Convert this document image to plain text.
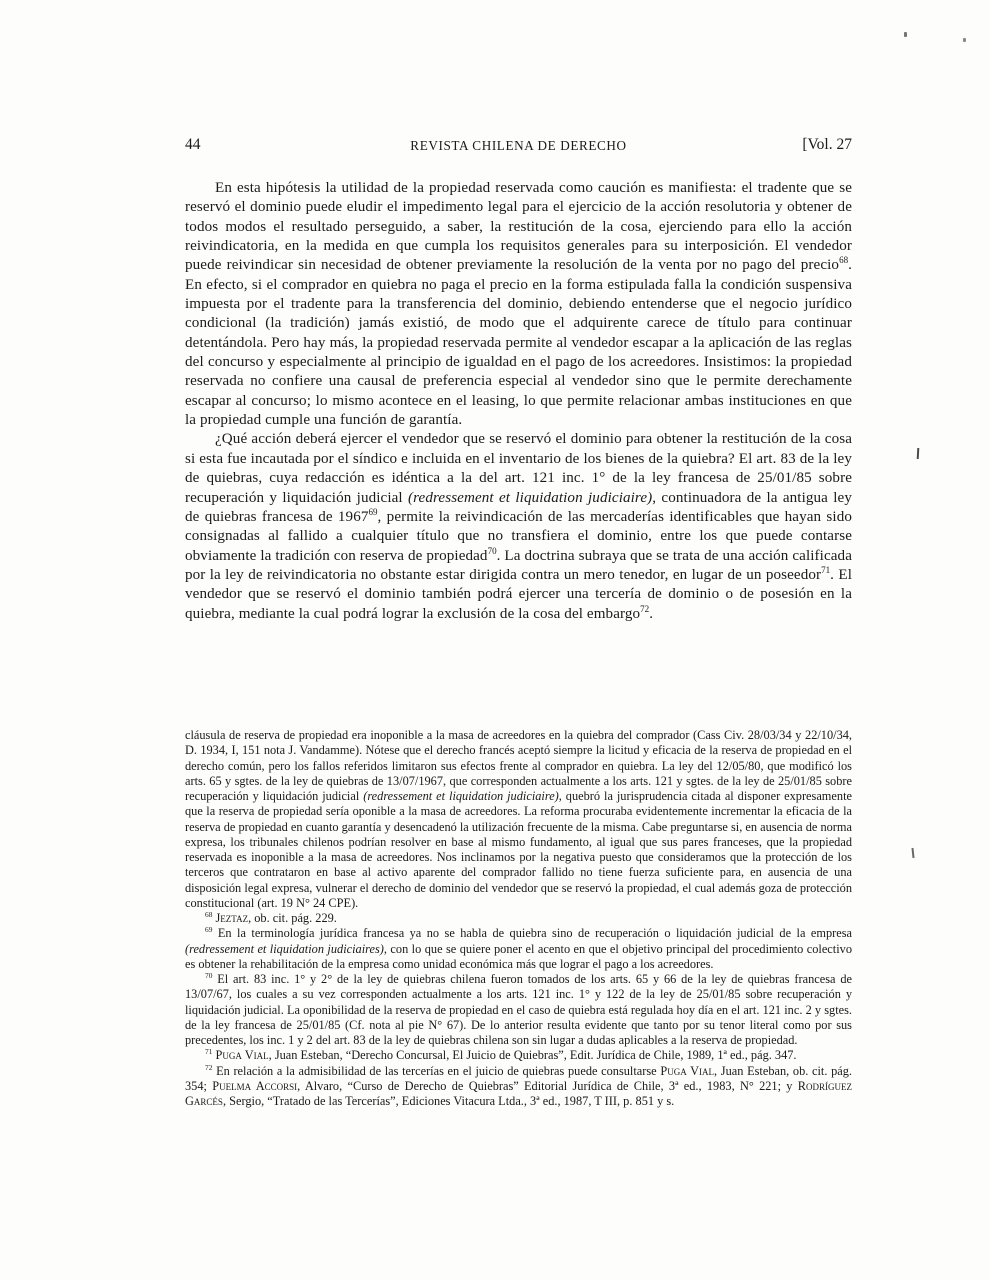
44	REVISTA CHILENA DE DERECHO	[Vol. 27

En esta hipótesis la utilidad de la propiedad reservada como caución es manifiesta: el tradente que se reservó el dominio puede eludir el impedimento legal para el ejercicio de la acción resolutoria y obtener de todos modos el resultado perseguido, a saber, la restitución de la cosa, ejerciendo para ello la acción reivindicatoria, en la medida en que cumpla los requisitos generales para su interposición. El vendedor puede reivindicar sin necesidad de obtener previamente la resolución de la venta por no pago del precio$^{68}$. En efecto, si el comprador en quiebra no paga el precio en la forma estipulada falla la condición suspensiva impuesta por el tradente para la transferencia del dominio, debiendo entenderse que el negocio jurídico condicional (la tradición) jamás existió, de modo que el adquirente carece de título para continuar detentándola. Pero hay más, la propiedad reservada permite al vendedor escapar a la aplicación de las reglas del concurso y especialmente al principio de igualdad en el pago de los acreedores. Insistimos: la propiedad reservada no confiere una causal de preferencia especial al vendedor sino que le permite derechamente escapar al concurso; lo mismo acontece en el leasing, lo que permite relacionar ambas instituciones en que la propiedad cumple una función de garantía.

¿Qué acción deberá ejercer el vendedor que se reservó el dominio para obtener la restitución de la cosa si esta fue incautada por el síndico e incluida en el inventario de los bienes de la quiebra? El art. 83 de la ley de quiebras, cuya redacción es idéntica a la del art. 121 inc. 1° de la ley francesa de 25/01/85 sobre recuperación y liquidación judicial (redressement et liquidation judiciaire), continuadora de la antigua ley de quiebras francesa de 1967$^{69}$, permite la reivindicación de las mercaderías identificables que hayan sido consignadas al fallido a cualquier título que no transfiera el dominio, entre los que puede contarse obviamente la tradición con reserva de propiedad$^{70}$. La doctrina subraya que se trata de una acción calificada por la ley de reivindicatoria no obstante estar dirigida contra un mero tenedor, en lugar de un poseedor$^{71}$. El vendedor que se reservó el dominio también podrá ejercer una tercería de dominio o de posesión en la quiebra, mediante la cual podrá lograr la exclusión de la cosa del embargo$^{72}$.

cláusula de reserva de propiedad era inoponible a la masa de acreedores en la quiebra del comprador (Cass Civ. 28/03/34 y 22/10/34, D. 1934, I, 151 nota J. Vandamme). Nótese que el derecho francés aceptó siempre la licitud y eficacia de la reserva de propiedad en el derecho común, pero los fallos referidos limitaron sus efectos frente al comprador en quiebra. La ley del 12/05/80, que modificó los arts. 65 y sgtes. de la ley de quiebras de 13/07/1967, que corresponden actualmente a los arts. 121 y sgtes. de la ley de 25/01/85 sobre recuperación y liquidación judicial (redressement et liquidation judiciaire), quebró la jurisprudencia citada al disponer expresamente que la reserva de propiedad sería oponible a la masa de acreedores. La reforma procuraba evidentemente incrementar la eficacia de la reserva de propiedad en cuanto garantía y desencadenó la utilización frecuente de la misma. Cabe preguntarse si, en ausencia de norma expresa, los tribunales chilenos podrían resolver en base al mismo fundamento, al igual que sus pares franceses, que la propiedad reservada es inoponible a la masa de acreedores. Nos inclinamos por la negativa puesto que consideramos que la protección de los terceros que contrataron en base al activo aparente del comprador fallido no tiene fuerza suficiente para, en ausencia de una disposición legal expresa, vulnerar el derecho de dominio del vendedor que se reservó la propiedad, el cual además goza de protección constitucional (art. 19 N° 24 CPE).

$^{68}$ Jeztaz, ob. cit. pág. 229.

$^{69}$ En la terminología jurídica francesa ya no se habla de quiebra sino de recuperación o liquidación judicial de la empresa (redressement et liquidation judiciaires), con lo que se quiere poner el acento en que el objetivo principal del procedimiento colectivo es obtener la rehabilitación de la empresa como unidad económica más que lograr el pago a los acreedores.

$^{70}$ El art. 83 inc. 1° y 2° de la ley de quiebras chilena fueron tomados de los arts. 65 y 66 de la ley de quiebras francesa de 13/07/67, los cuales a su vez corresponden actualmente a los arts. 121 inc. 1° y 122 de la ley de 25/01/85 sobre recuperación y liquidación judicial. La oponibilidad de la reserva de propiedad en el caso de quiebra está regulada hoy día en el art. 121 inc. 2 y sgtes. de la ley francesa de 25/01/85 (Cf. nota al pie N° 67). De lo anterior resulta evidente que tanto por su tenor literal como por sus precedentes, los inc. 1 y 2 del art. 83 de la ley de quiebras chilena son sin lugar a dudas aplicables a la reserva de propiedad.

$^{71}$ Puga Vial, Juan Esteban, “Derecho Concursal, El Juicio de Quiebras”, Edit. Jurídica de Chile, 1989, 1ª ed., pág. 347.

$^{72}$ En relación a la admisibilidad de las tercerías en el juicio de quiebras puede consultarse Puga Vial, Juan Esteban, ob. cit. pág. 354; Puelma Accorsi, Alvaro, “Curso de Derecho de Quiebras” Editorial Jurídica de Chile, 3ª ed., 1983, N° 221; y Rodríguez Garcés, Sergio, “Tratado de las Tercerías”, Ediciones Vitacura Ltda., 3ª ed., 1987, T III, p. 851 y s.
